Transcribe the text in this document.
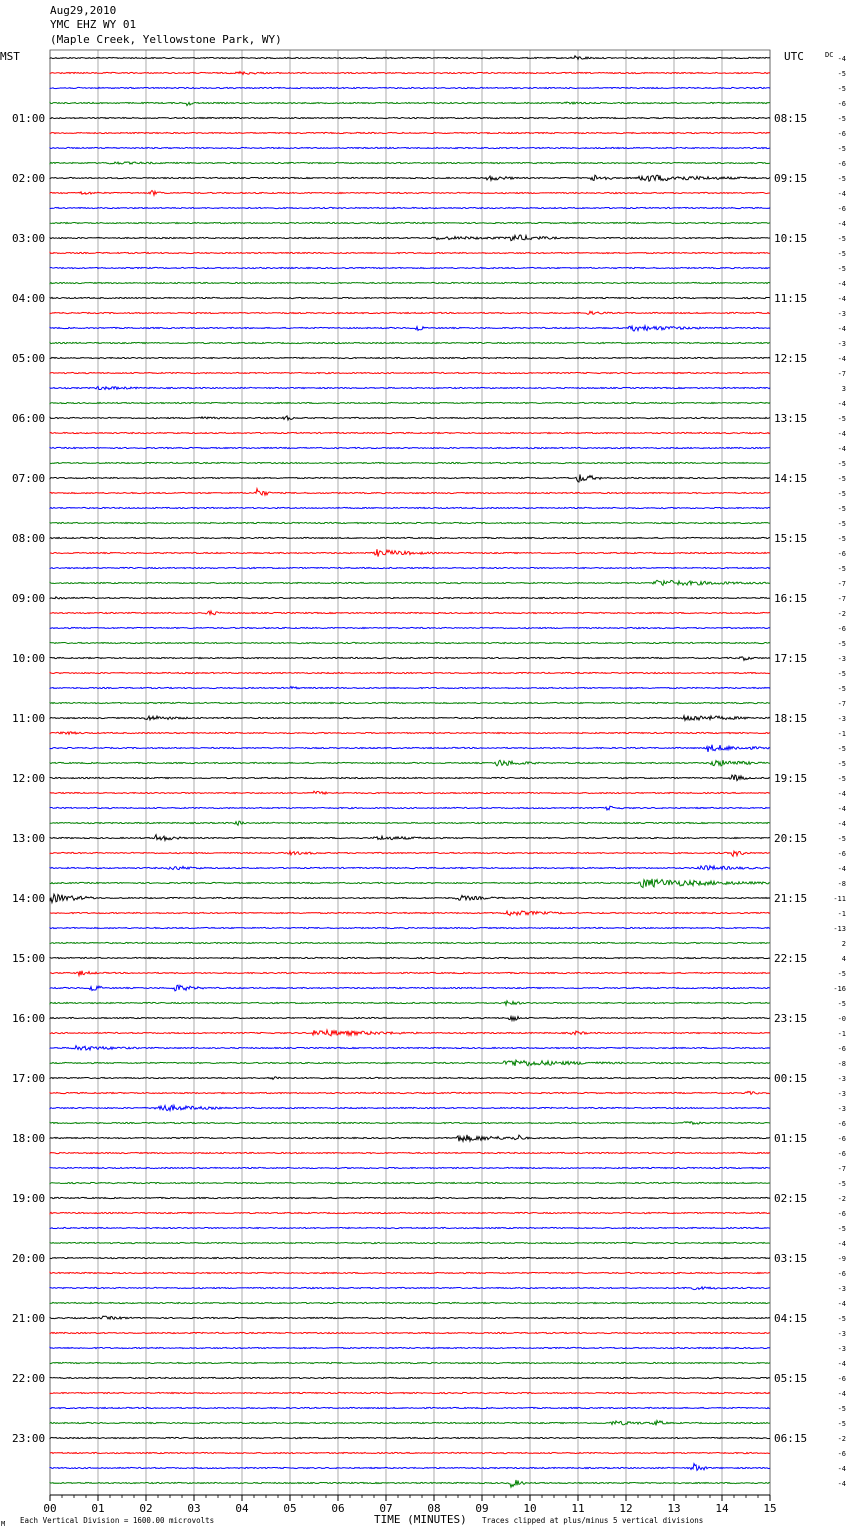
Aug29,2010
YMC EHZ WY 01
(Maple Creek, Yellowstone Park, WY)
01:00
02:00
03:00
04:00
05:00
06:00
07:00
08:00
09:00
10:00
11:00
12:00
13:00
14:00
15:00
16:00
17:00
18:00
19:00
20:00
21:00
22:00
23:00
08:15
09:15
10:15
11:15
12:15
13:15
14:15
15:15
16:15
17:15
18:15
19:15
20:15
21:15
22:15
23:15
00:15
01:15
02:15
03:15
04:15
05:15
06:15
-4
-5
-5
-6
-5
-6
-5
-6
-5
-4
-6
-4
-5
-5
-5
-4
-4
-3
-4
-3
-4
-7
3
-4
-5
-4
-4
-5
-5
-5
-5
-5
-5
-6
-5
-7
-7
-2
-6
-5
-3
-5
-5
-7
-3
-1
-5
-5
-5
-4
-4
-4
-5
-6
-4
-8
-11
-1
-13
2
4
-5
-16
-5
-0
-1
-6
-8
-3
-3
-3
-6
-6
-6
-7
-5
-2
-6
-5
-4
-9
-6
-3
-4
-5
-3
-3
-4
-6
-4
-5
-5
-2
-6
-4
-4
00	01	02	03	04	05	06	07	08	09	10	11	12	13	14	15
MST	UTC	DC
M Each Vertical Division = 1600.00 microvolts	TIME (MINUTES) Traces clipped at plus/minus 5 vertical divisions
